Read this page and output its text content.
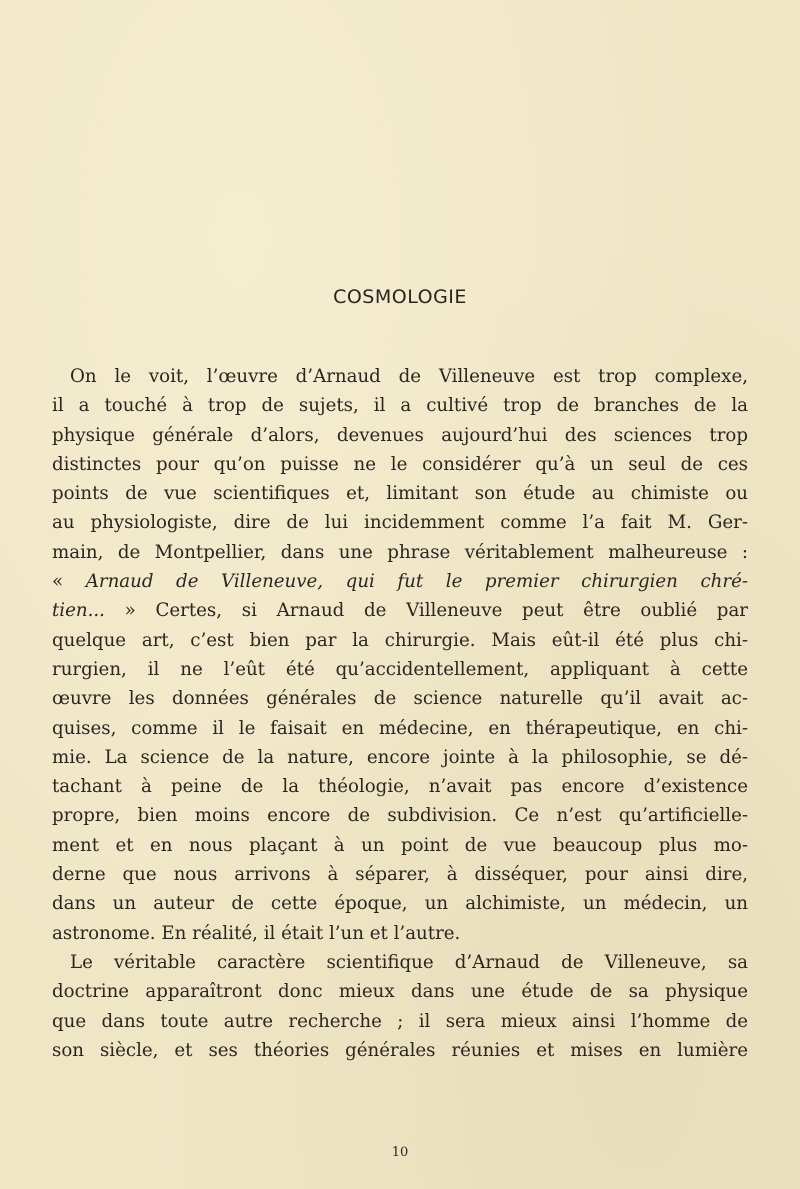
COSMOLOGIE
On le voit, l’œuvre d’Arnaud de Villeneuve est trop complexe,
il a touché à trop de sujets, il a cultivé trop de branches de la
physique générale d’alors, devenues aujourd’hui des sciences trop
distinctes pour qu’on puisse ne le considérer qu’à un seul de ces
points de vue scientifiques et, limitant son étude au chimiste ou
au physiologiste, dire de lui incidemment comme l’a fait M. Ger-
main, de Montpellier, dans une phrase véritablement malheureuse :
« Arnaud de Villeneuve, qui fut le premier chirurgien chré-
tien... » Certes, si Arnaud de Villeneuve peut être oublié par
quelque art, c’est bien par la chirurgie. Mais eût-il été plus chi-
rurgien, il ne l’eût été qu’accidentellement, appliquant à cette
œuvre les données générales de science naturelle qu’il avait ac-
quises, comme il le faisait en médecine, en thérapeutique, en chi-
mie. La science de la nature, encore jointe à la philosophie, se dé-
tachant à peine de la théologie, n’avait pas encore d’existence
propre, bien moins encore de subdivision. Ce n’est qu’artificielle-
ment et en nous plaçant à un point de vue beaucoup plus mo-
derne que nous arrivons à séparer, à disséquer, pour ainsi dire,
dans un auteur de cette époque, un alchimiste, un médecin, un
astronome. En réalité, il était l’un et l’autre.
Le véritable caractère scientifique d’Arnaud de Villeneuve, sa
doctrine apparaîtront donc mieux dans une étude de sa physique
que dans toute autre recherche ; il sera mieux ainsi l’homme de
son siècle, et ses théories générales réunies et mises en lumière
10
